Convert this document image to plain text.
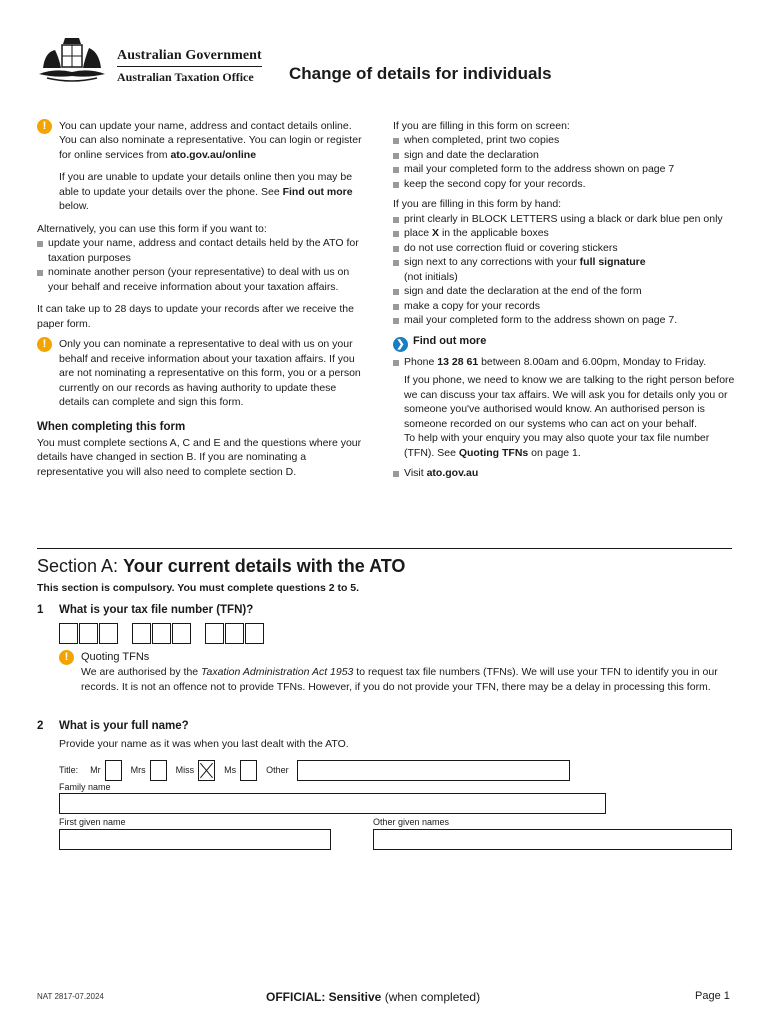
Australian Government
Australian Taxation Office Change of details for individuals
!	You can update your name, address and contact details online. You can also nominate a representative. You can login or register for online services from ato.gov.au/online

If you are unable to update your details online then you may be able to update your details over the phone. See Find out more below.

Alternatively, you can use this form if you want to:

update your name, address and contact details held by the ATO for taxation purposes
nominate another person (your representative) to deal with us on your behalf and receive information about your taxation affairs.

It can take up to 28 days to update your records after we receive the paper form.

!	Only you can nominate a representative to deal with us on your behalf and receive information about your taxation affairs. If you are not nominating a representative on this form, you or a person currently on our records as having authority to update these details can complete and sign this form.

When completing this form

You must complete sections A, C and E and the questions where your details have changed in section B. If you are nominating a representative you will also need to complete section D.

If you are filling in this form on screen:

when completed, print two copies
sign and date the declaration
mail your completed form to the address shown on page 7
keep the second copy for your records.

If you are filling in this form by hand:

print clearly in BLOCK LETTERS using a black or dark blue pen only
place X in the applicable boxes
do not use correction fluid or covering stickers
sign next to any corrections with your full signature
(not initials)
sign and date the declaration at the end of the form
make a copy for your records
mail your completed form to the address shown on page 7.
❯ Find out more
Phone 13 28 61 between 8.00am and 6.00pm, Monday to Friday.

If you phone, we need to know we are talking to the right person before we can discuss your tax affairs. We will ask you for details only you or someone you've authorised would know. An authorised person is someone recorded on our systems who can act on your behalf.

To help with your enquiry you may also quote your tax file number (TFN). See Quoting TFNs on page 1.

Visit ato.gov.au
Section A: Your current details with the ATO
This section is compulsory. You must complete questions 2 to 5.
1 What is your tax file number (TFN)?
!	Quoting TFNs

We are authorised by the Taxation Administration Act 1953 to request tax file numbers (TFNs). We will use your TFN to identify you in our records. It is not an offence not to provide TFNs. However, if you do not provide your TFN, there may be a delay in processing this form.

2 What is your full name?
Provide your name as it was when you last dealt with the ATO.
Title: Mr	Mrs	Miss	Ms	Other
Family name
First given name	Other given names
NAT 2817-07.2024	OFFICIAL: Sensitive (when completed)	Page 1
